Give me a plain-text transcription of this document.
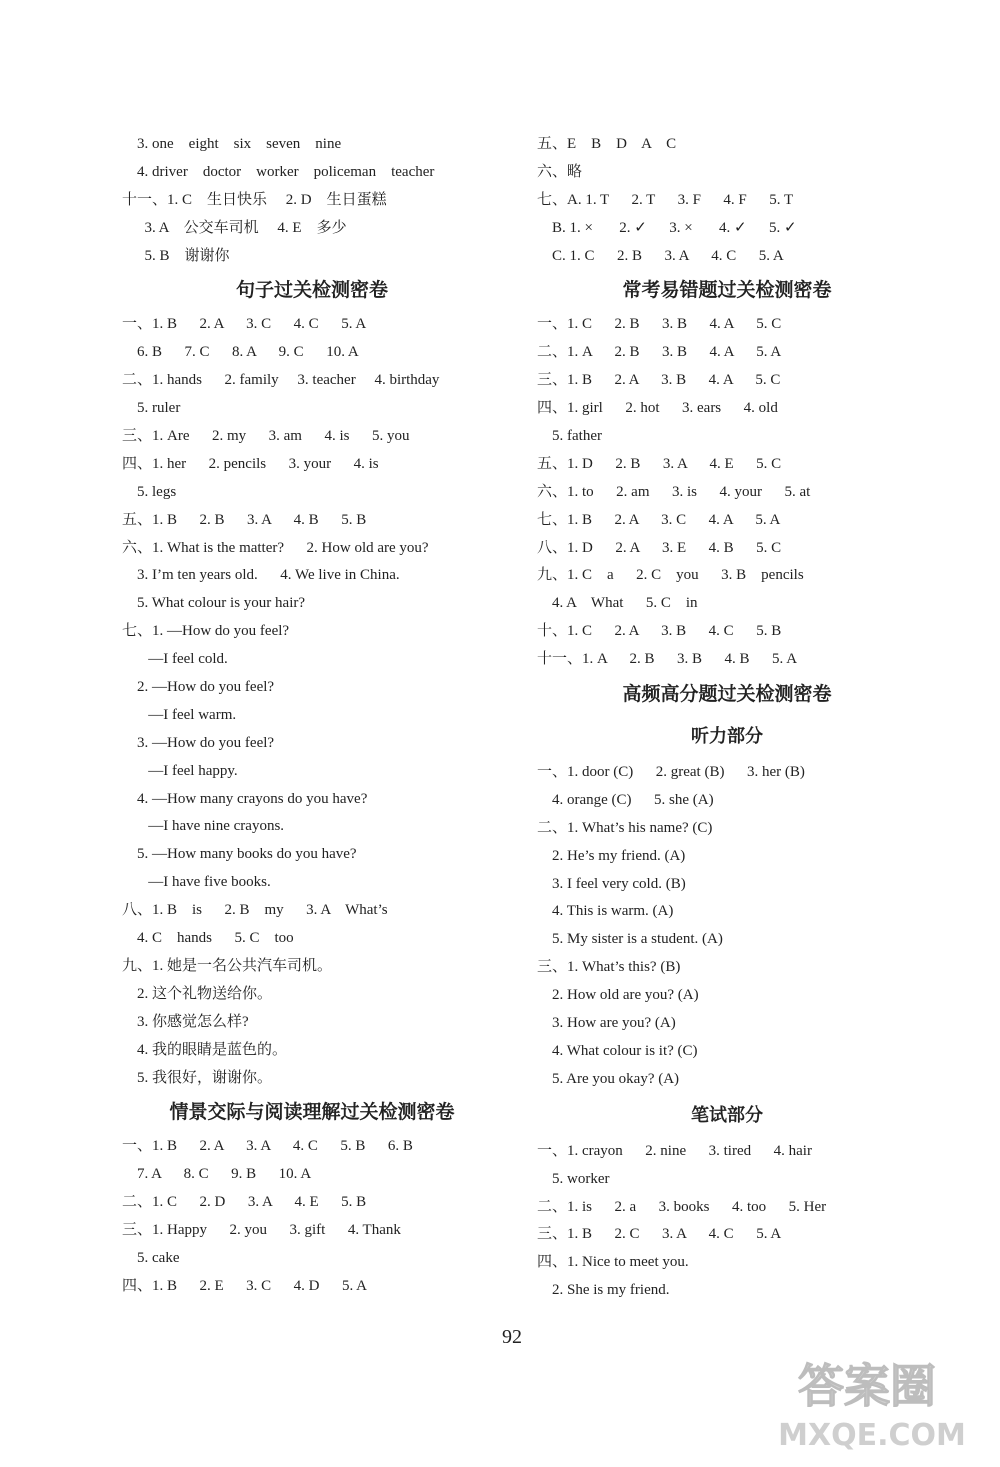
3. one    eight    six    seven    nine
4. driver    doctor    worker    policeman    teacher
十一、1. C    生日快乐     2. D    生日蛋糕
3. A    公交车司机     4. E    多少
5. B    谢谢你
句子过关检测密卷
一、1. B      2. A      3. C      4. C      5. A
6. B      7. C      8. A      9. C      10. A
二、1. hands      2. family     3. teacher     4. birthday
5. ruler
三、1. Are      2. my      3. am      4. is      5. you
四、1. her      2. pencils      3. your      4. is
5. legs
五、1. B      2. B      3. A      4. B      5. B
六、1. What is the matter?      2. How old are you?
3. I’m ten years old.      4. We live in China.
5. What colour is your hair?
七、1. —How do you feel?
—I feel cold.
2. —How do you feel?
—I feel warm.
3. —How do you feel?
—I feel happy.
4. —How many crayons do you have?
—I have nine crayons.
5. —How many books do you have?
—I have five books.
八、1. B    is      2. B    my      3. A    What’s
4. C    hands      5. C    too
九、1. 她是一名公共汽车司机。
2. 这个礼物送给你。
3. 你感觉怎么样?
4. 我的眼睛是蓝色的。
5. 我很好，谢谢你。
情景交际与阅读理解过关检测密卷
一、1. B      2. A      3. A      4. C      5. B      6. B
7. A      8. C      9. B      10. A
二、1. C      2. D      3. A      4. E      5. B
三、1. Happy      2. you      3. gift      4. Thank
5. cake
四、1. B      2. E      3. C      4. D      5. A
五、E    B    D    A    C
六、略
七、A. 1. T      2. T      3. F      4. F      5. T
B. 1. ×       2. ✓      3. ×       4. ✓      5. ✓
C. 1. C      2. B      3. A      4. C      5. A
常考易错题过关检测密卷
一、1. C      2. B      3. B      4. A      5. C
二、1. A      2. B      3. B      4. A      5. A
三、1. B      2. A      3. B      4. A      5. C
四、1. girl      2. hot      3. ears      4. old
5. father
五、1. D      2. B      3. A      4. E      5. C
六、1. to      2. am      3. is      4. your      5. at
七、1. B      2. A      3. C      4. A      5. A
八、1. D      2. A      3. E      4. B      5. C
九、1. C    a      2. C    you      3. B    pencils
4. A    What      5. C    in
十、1. C      2. A      3. B      4. C      5. B
十一、1. A      2. B      3. B      4. B      5. A
高频高分题过关检测密卷
听力部分
一、1. door (C)      2. great (B)      3. her (B)
4. orange (C)      5. she (A)
二、1. What’s his name? (C)
2. He’s my friend. (A)
3. I feel very cold. (B)
4. This is warm. (A)
5. My sister is a student. (A)
三、1. What’s this? (B)
2. How old are you? (A)
3. How are you? (A)
4. What colour is it? (C)
5. Are you okay? (A)
笔试部分
一、1. crayon      2. nine      3. tired      4. hair
5. worker
二、1. is      2. a      3. books      4. too      5. Her
三、1. B      2. C      3. A      4. C      5. A
四、1. Nice to meet you.
2. She is my friend.
92
答案圈
MXQE.COM
